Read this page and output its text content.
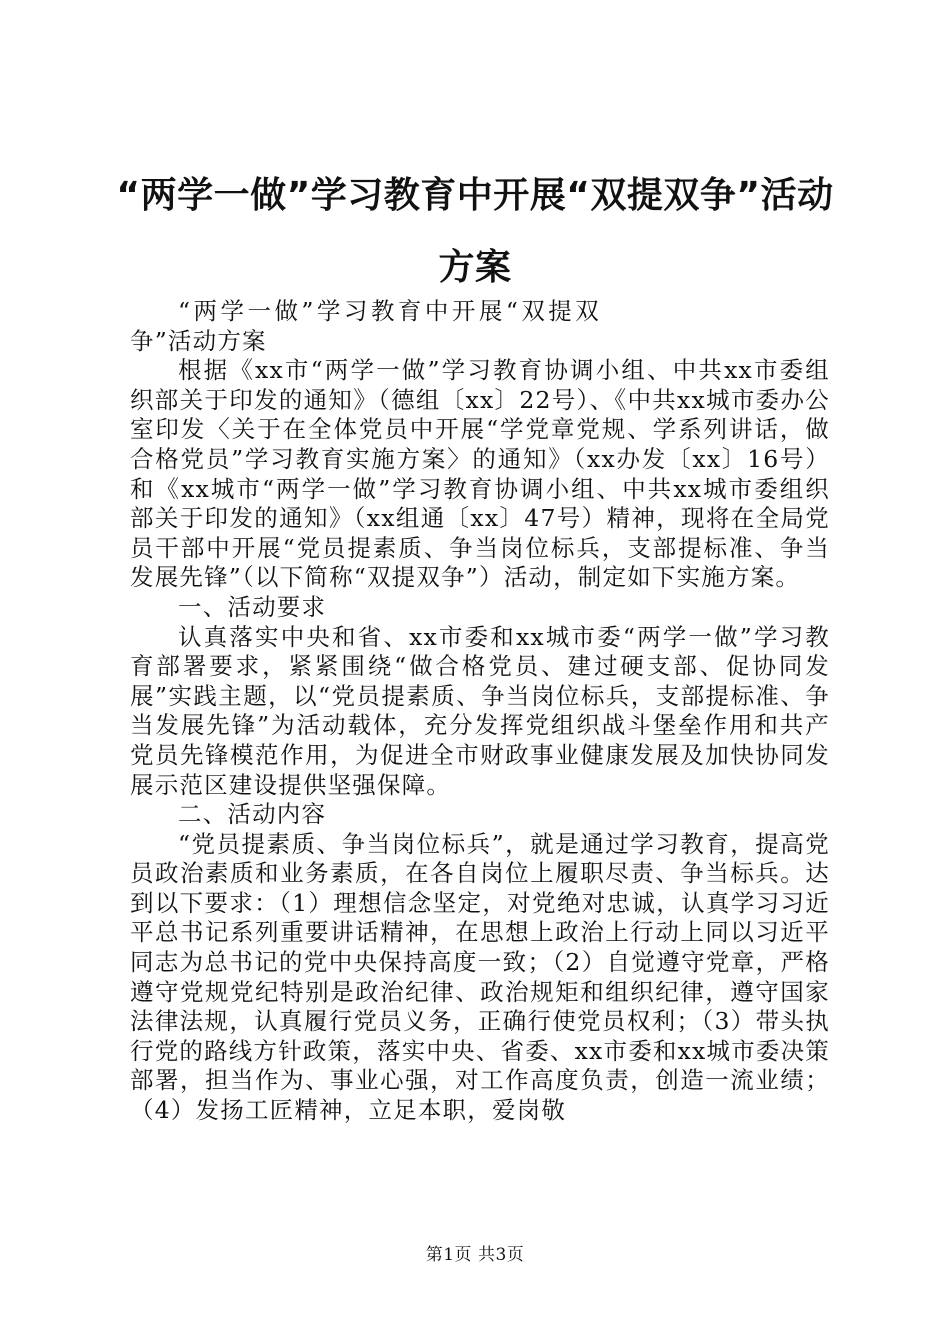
“两学一做”学习教育中开展“双提双争”活动方案

“两学一做”学习教育中开展“双提双争”活动方案

根据《xx市“两学一做”学习教育协调小组、中共xx市委组织部关于印发的通知》（德组〔xx〕22号）、《中共xx城市委办公室印发〈关于在全体党员中开展“学党章党规、学系列讲话，做合格党员”学习教育实施方案〉的通知》（xx办发〔xx〕16号）和《xx城市“两学一做”学习教育协调小组、中共xx城市委组织部关于印发的通知》（xx组通〔xx〕47号）精神，现将在全局党员干部中开展“党员提素质、争当岗位标兵，支部提标准、争当发展先锋”（以下简称“双提双争”）活动，制定如下实施方案。

一、活动要求

认真落实中央和省、xx市委和xx城市委“两学一做”学习教育部署要求，紧紧围绕“做合格党员、建过硬支部、促协同发展”实践主题，以“党员提素质、争当岗位标兵，支部提标准、争当发展先锋”为活动载体，充分发挥党组织战斗堡垒作用和共产党员先锋模范作用，为促进全市财政事业健康发展及加快协同发展示范区建设提供坚强保障。

二、活动内容

“党员提素质、争当岗位标兵”，就是通过学习教育，提高党员政治素质和业务素质，在各自岗位上履职尽责、争当标兵。达到以下要求：（1）理想信念坚定，对党绝对忠诚，认真学习习近平总书记系列重要讲话精神，在思想上政治上行动上同以习近平同志为总书记的党中央保持高度一致；（2）自觉遵守党章，严格遵守党规党纪特别是政治纪律、政治规矩和组织纪律，遵守国家法律法规，认真履行党员义务，正确行使党员权利；（3）带头执行党的路线方针政策，落实中央、省委、xx市委和xx城市委决策部署，担当作为、事业心强，对工作高度负责，创造一流业绩；（4）发扬工匠精神，立足本职，爱岗敬

第1页 共3页
